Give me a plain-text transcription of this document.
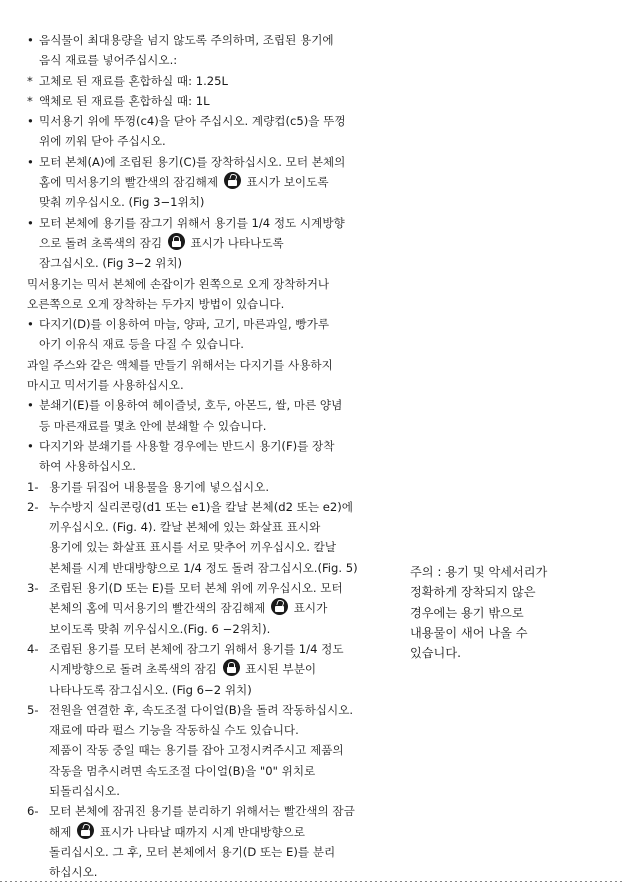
• 음식물이 최대용량을 넘지 않도록 주의하며, 조립된 용기에
음식 재료를 넣어주십시오.:
* 고체로 된 재료를 혼합하실 때: 1.25L
* 액체로 된 재료를 혼합하실 때: 1L
• 믹서용기 위에 뚜껑(c4)을 닫아 주십시오. 계량컵(c5)을 뚜껑
위에 끼워 닫아 주십시오.
• 모터 본체(A)에 조립된 용기(C)를 장착하십시오. 모터 본체의
홈에 믹서용기의 빨간색의 잠김해제 표시가 보이도록
맞춰 끼우십시오. (Fig 3−1위치)
• 모터 본체에 용기를 잠그기 위해서 용기를 1/4 정도 시계방향
으로 돌려 초록색의 잠김 표시가 나타나도록
잠그십시오. (Fig 3−2 위치)
믹서용기는 믹서 본체에 손잡이가 왼쪽으로 오게 장착하거나
오른쪽으로 오게 장착하는 두가지 방법이 있습니다.
• 다지기(D)를 이용하여 마늘, 양파, 고기, 마른과일, 빵가루
아기 이유식 재료 등을 다질 수 있습니다.
과일 주스와 같은 액체를 만들기 위해서는 다지기를 사용하지
마시고 믹서기를 사용하십시오.
• 분쇄기(E)를 이용하여 헤이즐넛, 호두, 아몬드, 쌀, 마른 양념
등 마른재료를 몇초 안에 분쇄할 수 있습니다.
• 다지기와 분쇄기를 사용할 경우에는 반드시 용기(F)를 장착
하여 사용하십시오.
1- 용기를 뒤집어 내용물을 용기에 넣으십시오.
2- 누수방지 실리콘링(d1 또는 e1)을 칼날 본체(d2 또는 e2)에
끼우십시오. (Fig. 4). 칼날 본체에 있는 화살표 표시와
용기에 있는 화살표 표시를 서로 맞추어 끼우십시오. 칼날
본체를 시계 반대방향으로 1/4 정도 돌려 잠그십시오.(Fig. 5)
3- 조립된 용기(D 또는 E)를 모터 본체 위에 끼우십시오. 모터
본체의 홈에 믹서용기의 빨간색의 잠김해제 표시가
보이도록 맞춰 끼우십시오.(Fig. 6 −2위치).
4- 조립된 용기를 모터 본체에 잠그기 위해서 용기를 1/4 정도
시계방향으로 돌려 초록색의 잠김 표시된 부분이
나타나도록 잠그십시오. (Fig 6−2 위치)
5- 전원을 연결한 후, 속도조절 다이얼(B)을 돌려 작동하십시오.
재료에 따라 펄스 기능을 작동하실 수도 있습니다.
제품이 작동 중일 때는 용기를 잡아 고정시켜주시고 제품의
작동을 멈추시려면 속도조절 다이얼(B)을 "0" 위치로
되돌리십시오.
6- 모터 본체에 잠궈진 용기를 분리하기 위해서는 빨간색의 잠금
해제 표시가 나타날 때까지 시계 반대방향으로
돌리십시오. 그 후, 모터 본체에서 용기(D 또는 E)를 분리
하십시오.
주의 : 용기 및 악세서리가
정확하게 장착되지 않은
경우에는 용기 밖으로
내용물이 새어 나올 수
있습니다.
